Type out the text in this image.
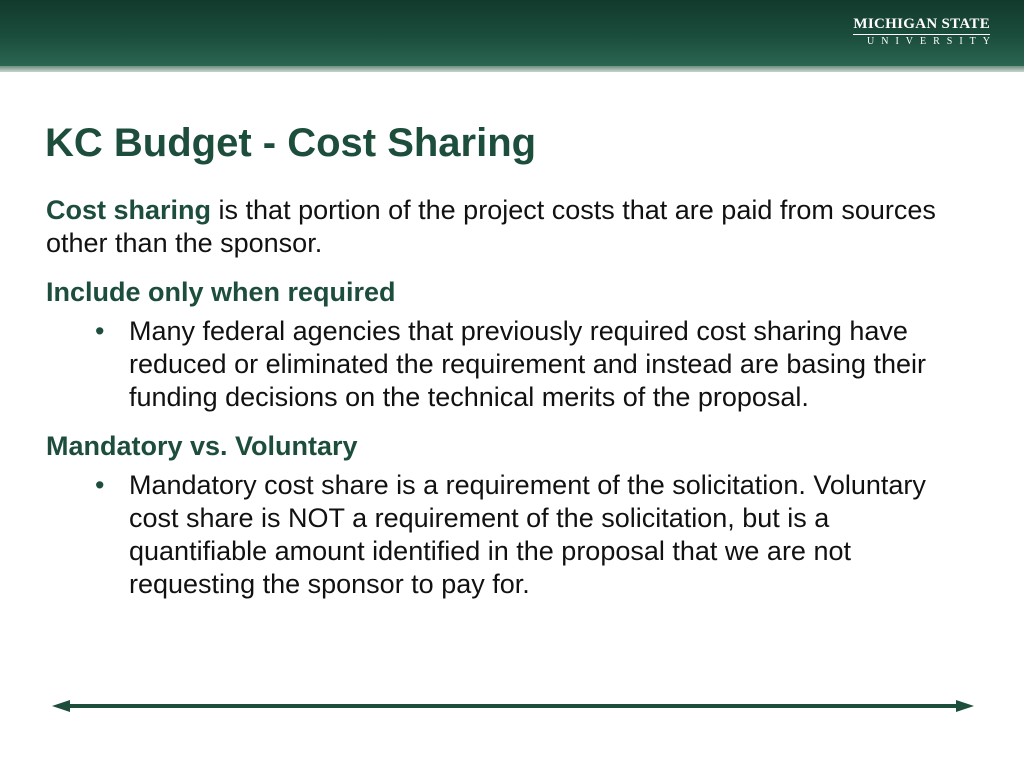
MICHIGAN STATE
UNIVERSITY
KC Budget - Cost Sharing

Cost sharing is that portion of the project costs that are paid from sources other than the sponsor.

Include only when required

• Many federal agencies that previously required cost sharing have reduced or eliminated the requirement and instead are basing their funding decisions on the technical merits of the proposal.

Mandatory vs. Voluntary

• Mandatory cost share is a requirement of the solicitation. Voluntary cost share is NOT a requirement of the solicitation, but is a quantifiable amount identified in the proposal that we are not requesting the sponsor to pay for.
